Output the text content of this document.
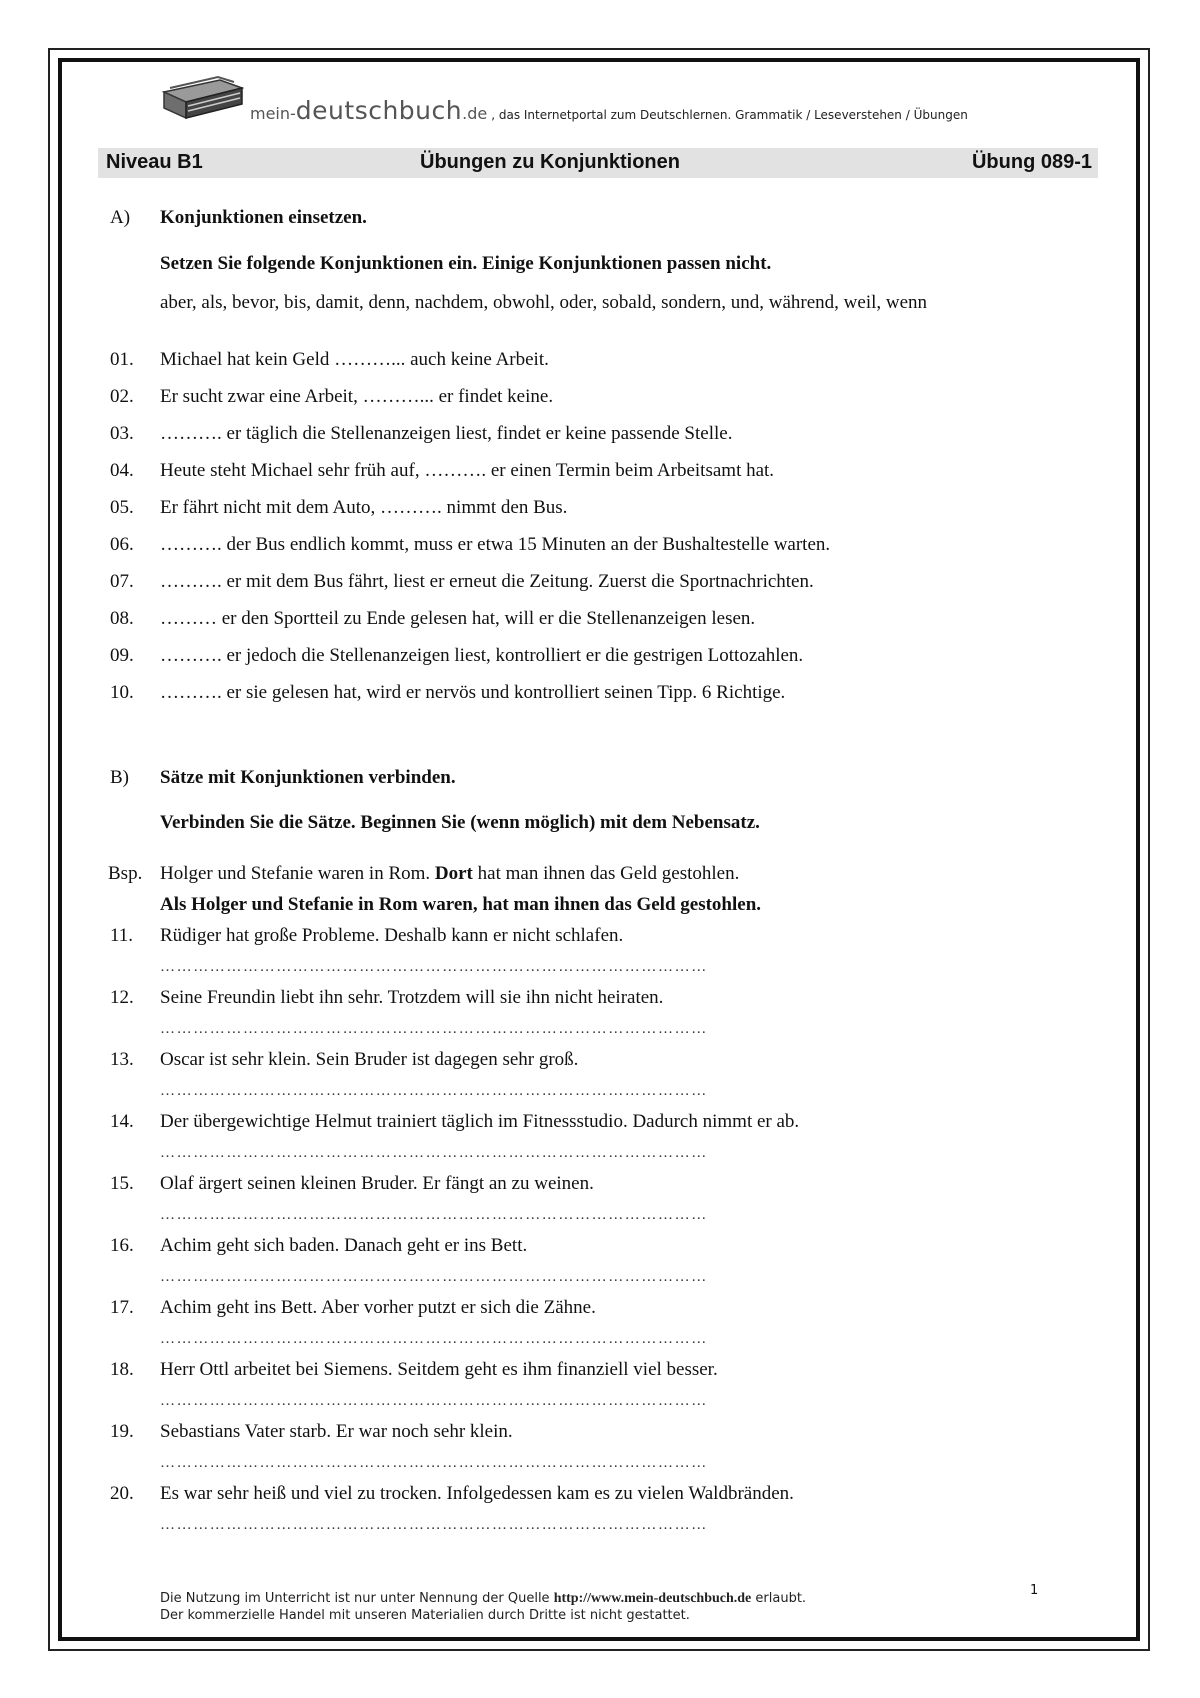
mein-deutschbuch.de , das Internetportal zum Deutschlernen. Grammatik / Leseverstehen / Übungen
Niveau B1	Übungen zu Konjunktionen	Übung 089-1
A) Konjunktionen einsetzen.
Setzen Sie folgende Konjunktionen ein. Einige Konjunktionen passen nicht.
aber, als, bevor, bis, damit, denn, nachdem, obwohl, oder, sobald, sondern, und, während, weil, wenn
01. Michael hat kein Geld ………... auch keine Arbeit.
02. Er sucht zwar eine Arbeit, ………... er findet keine.
03. ………. er täglich die Stellenanzeigen liest, findet er keine passende Stelle.
04. Heute steht Michael sehr früh auf, ………. er einen Termin beim Arbeitsamt hat.
05. Er fährt nicht mit dem Auto, ………. nimmt den Bus.
06. ………. der Bus endlich kommt, muss er etwa 15 Minuten an der Bushaltestelle warten.
07. ………. er mit dem Bus fährt, liest er erneut die Zeitung. Zuerst die Sportnachrichten.
08. ……… er den Sportteil zu Ende gelesen hat, will er die Stellenanzeigen lesen.
09. ………. er jedoch die Stellenanzeigen liest, kontrolliert er die gestrigen Lottozahlen.
10. ………. er sie gelesen hat, wird er nervös und kontrolliert seinen Tipp. 6 Richtige.
B) Sätze mit Konjunktionen verbinden.
Verbinden Sie die Sätze. Beginnen Sie (wenn möglich) mit dem Nebensatz.
Bsp. Holger und Stefanie waren in Rom. Dort hat man ihnen das Geld gestohlen.
Als Holger und Stefanie in Rom waren, hat man ihnen das Geld gestohlen.
11. Rüdiger hat große Probleme. Deshalb kann er nicht schlafen.
………………………………………………………………………………………
12. Seine Freundin liebt ihn sehr. Trotzdem will sie ihn nicht heiraten.
………………………………………………………………………………………
13. Oscar ist sehr klein. Sein Bruder ist dagegen sehr groß.
………………………………………………………………………………………
14. Der übergewichtige Helmut trainiert täglich im Fitnessstudio. Dadurch nimmt er ab.
………………………………………………………………………………………
15. Olaf ärgert seinen kleinen Bruder. Er fängt an zu weinen.
………………………………………………………………………………………
16. Achim geht sich baden. Danach geht er ins Bett.
………………………………………………………………………………………
17. Achim geht ins Bett. Aber vorher putzt er sich die Zähne.
………………………………………………………………………………………
18. Herr Ottl arbeitet bei Siemens. Seitdem geht es ihm finanziell viel besser.
………………………………………………………………………………………
19. Sebastians Vater starb. Er war noch sehr klein.
………………………………………………………………………………………
20. Es war sehr heiß und viel zu trocken. Infolgedessen kam es zu vielen Waldbränden.
………………………………………………………………………………………
Die Nutzung im Unterricht ist nur unter Nennung der Quelle http://www.mein-deutschbuch.de erlaubt.
Der kommerzielle Handel mit unseren Materialien durch Dritte ist nicht gestattet.
1
